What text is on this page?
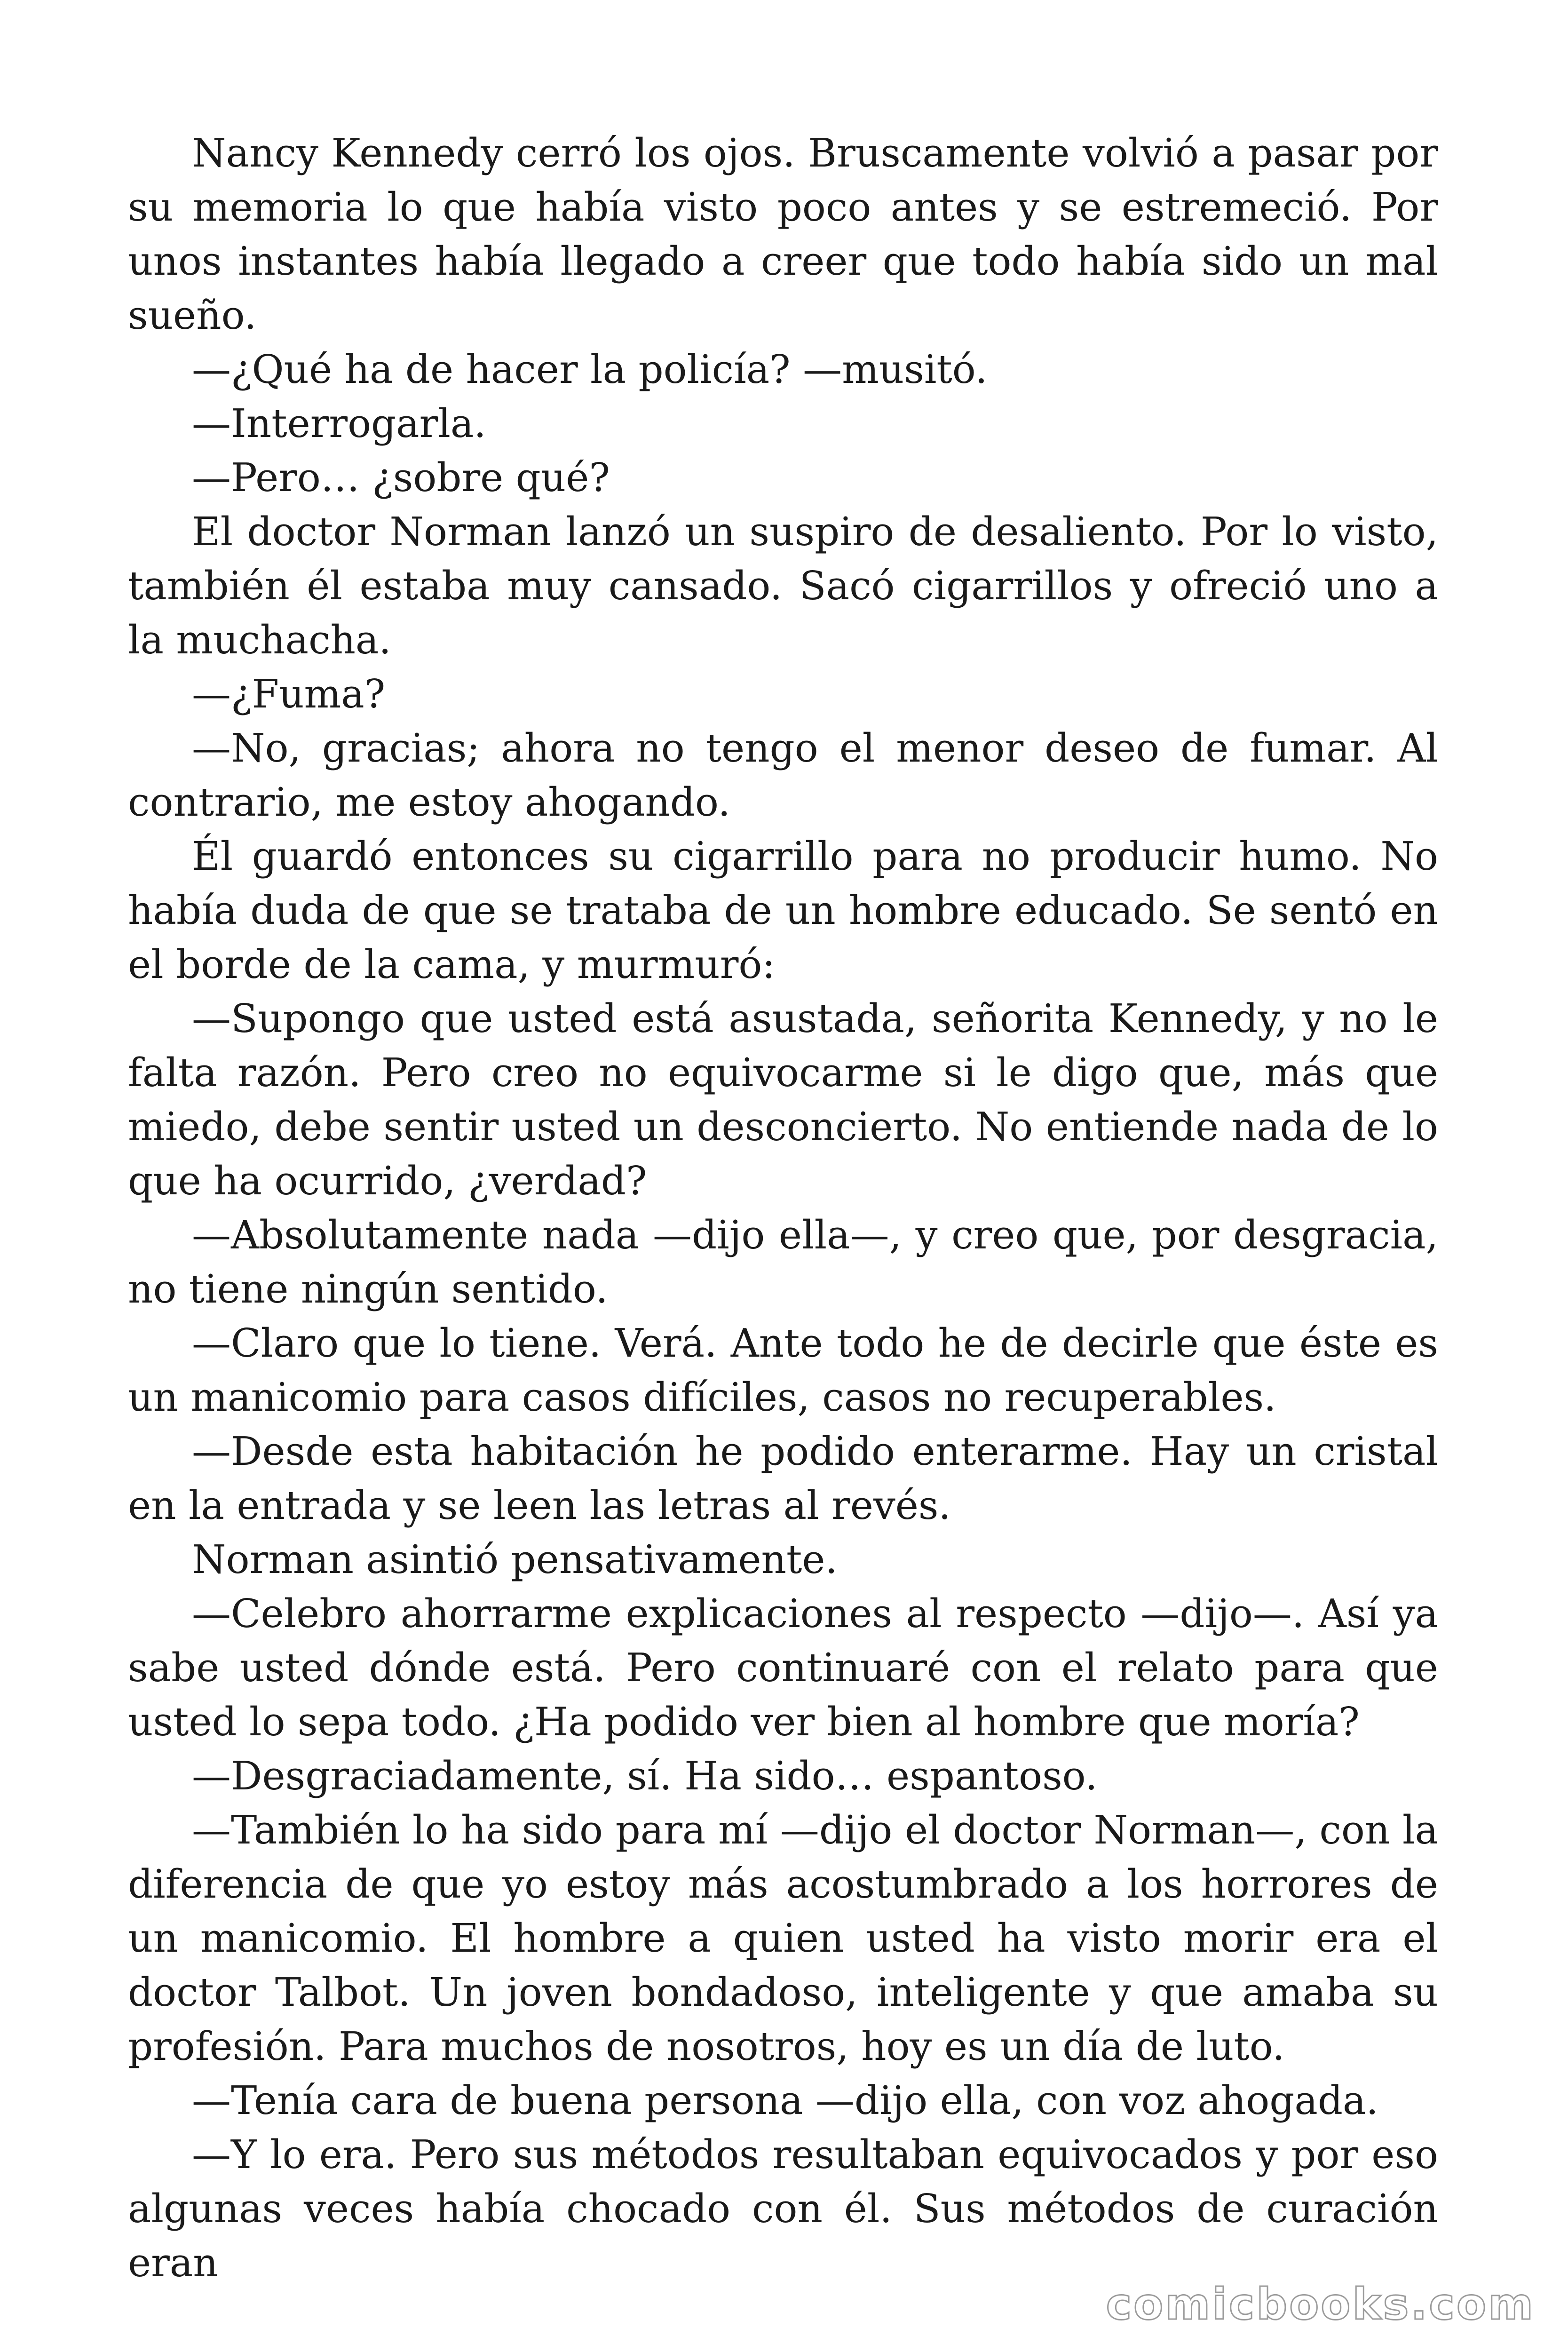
Nancy Kennedy cerró los ojos. Bruscamente volvió a pasar por su memoria lo que había visto poco antes y se estremeció. Por unos instantes había llegado a creer que todo había sido un mal sueño.

—¿Qué ha de hacer la policía? —musitó.

—Interrogarla.

—Pero… ¿sobre qué?

El doctor Norman lanzó un suspiro de desaliento. Por lo visto, también él estaba muy cansado. Sacó cigarrillos y ofreció uno a la muchacha.

—¿Fuma?

—No, gracias; ahora no tengo el menor deseo de fumar. Al contrario, me estoy ahogando.

Él guardó entonces su cigarrillo para no producir humo. No había duda de que se trataba de un hombre educado. Se sentó en el borde de la cama, y murmuró:

—Supongo que usted está asustada, señorita Kennedy, y no le falta razón. Pero creo no equivocarme si le digo que, más que miedo, debe sentir usted un desconcierto. No entiende nada de lo que ha ocurrido, ¿verdad?

—Absolutamente nada —dijo ella—, y creo que, por desgracia, no tiene ningún sentido.

—Claro que lo tiene. Verá. Ante todo he de decirle que éste es un manicomio para casos difíciles, casos no recuperables.

—Desde esta habitación he podido enterarme. Hay un cristal en la entrada y se leen las letras al revés.

Norman asintió pensativamente.

—Celebro ahorrarme explicaciones al respecto —dijo—. Así ya sabe usted dónde está. Pero continuaré con el relato para que usted lo sepa todo. ¿Ha podido ver bien al hombre que moría?

—Desgraciadamente, sí. Ha sido… espantoso.

—También lo ha sido para mí —dijo el doctor Norman—, con la diferencia de que yo estoy más acostumbrado a los horrores de un manicomio. El hombre a quien usted ha visto morir era el doctor Talbot. Un joven bondadoso, inteligente y que amaba su profesión. Para muchos de nosotros, hoy es un día de luto.

—Tenía cara de buena persona —dijo ella, con voz ahogada.

—Y lo era. Pero sus métodos resultaban equivocados y por eso algunas veces había chocado con él. Sus métodos de curación eran

comicbooks.com
